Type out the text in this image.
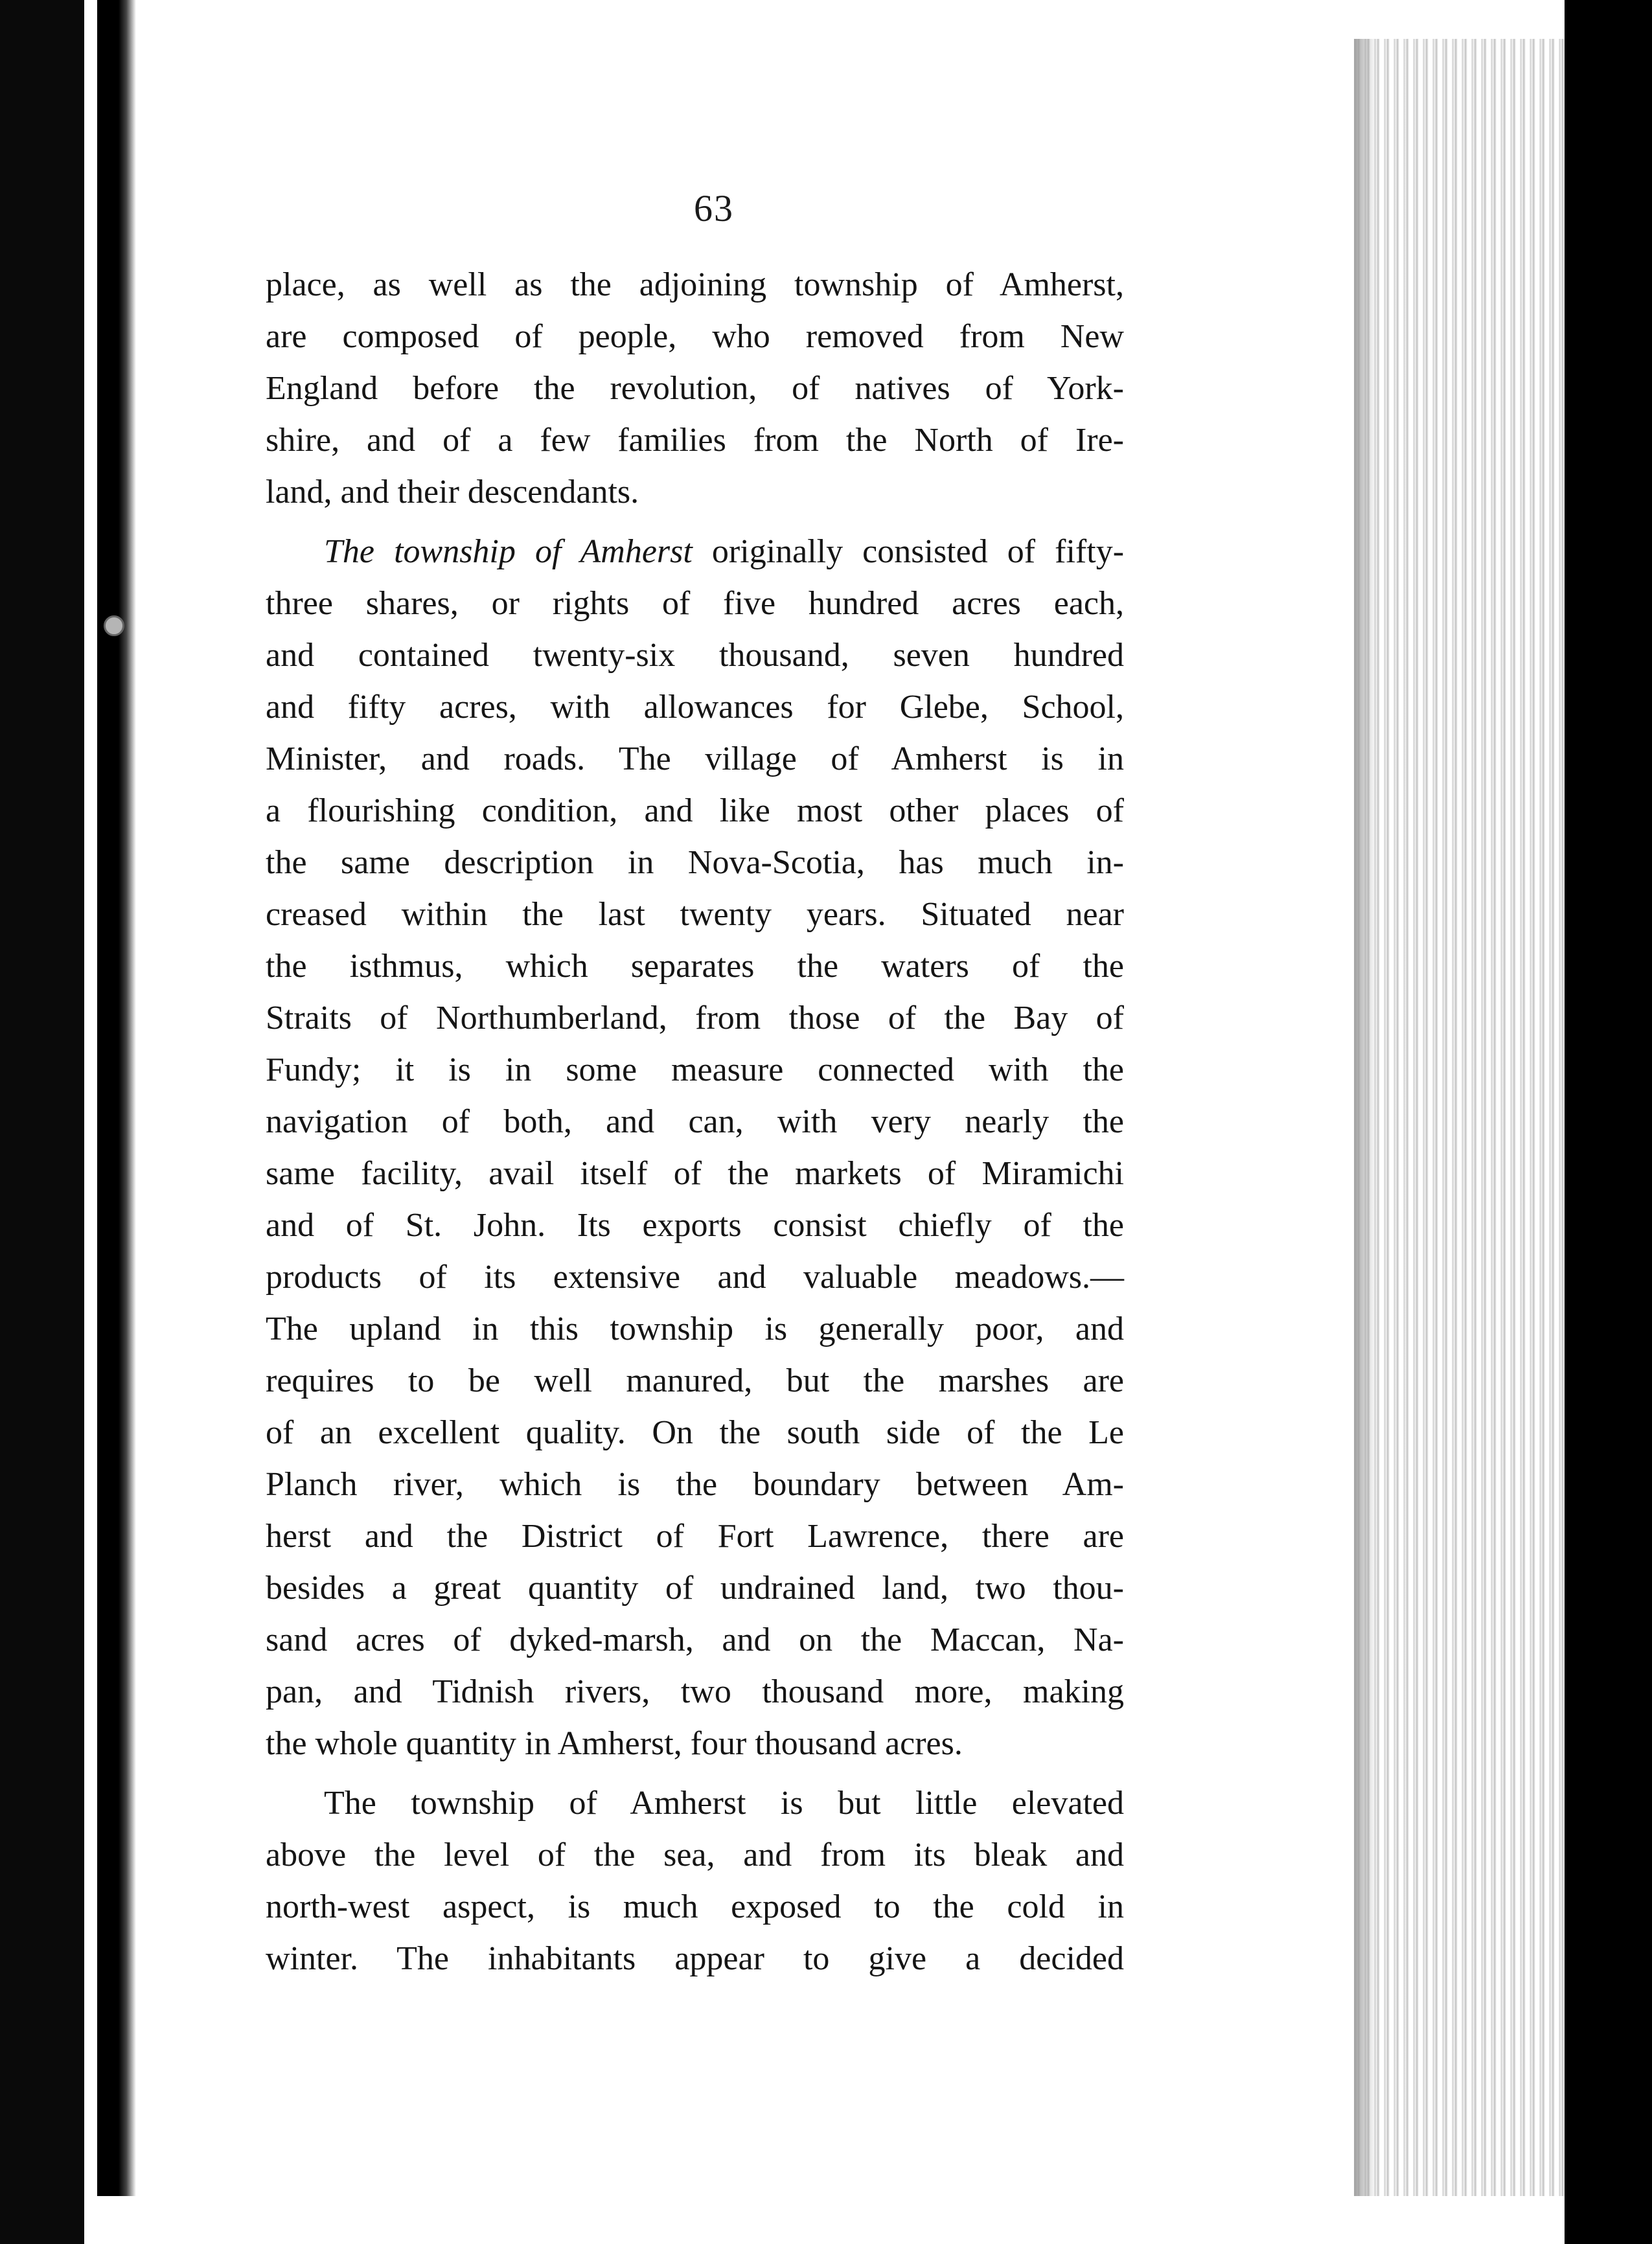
63
place, as well as the adjoining township of Amherst,
are composed of people, who removed from New
England before the revolution, of natives of York-
shire, and of a few families from the North of Ire-
land, and their descendants.
The township of Amherst originally consisted of fifty-
three shares, or rights of five hundred acres each,
and contained twenty-six thousand, seven hundred
and fifty acres, with allowances for Glebe, School,
Minister, and roads. The village of Amherst is in
a flourishing condition, and like most other places of
the same description in Nova-Scotia, has much in-
creased within the last twenty years. Situated near
the isthmus, which separates the waters of the
Straits of Northumberland, from those of the Bay of
Fundy; it is in some measure connected with the
navigation of both, and can, with very nearly the
same facility, avail itself of the markets of Miramichi
and of St. John. Its exports consist chiefly of the
products of its extensive and valuable meadows.—
The upland in this township is generally poor, and
requires to be well manured, but the marshes are
of an excellent quality. On the south side of the Le
Planch river, which is the boundary between Am-
herst and the District of Fort Lawrence, there are
besides a great quantity of undrained land, two thou-
sand acres of dyked-marsh, and on the Maccan, Na-
pan, and Tidnish rivers, two thousand more, making
the whole quantity in Amherst, four thousand acres.
The township of Amherst is but little elevated
above the level of the sea, and from its bleak and
north-west aspect, is much exposed to the cold in
winter. The inhabitants appear to give a decided
